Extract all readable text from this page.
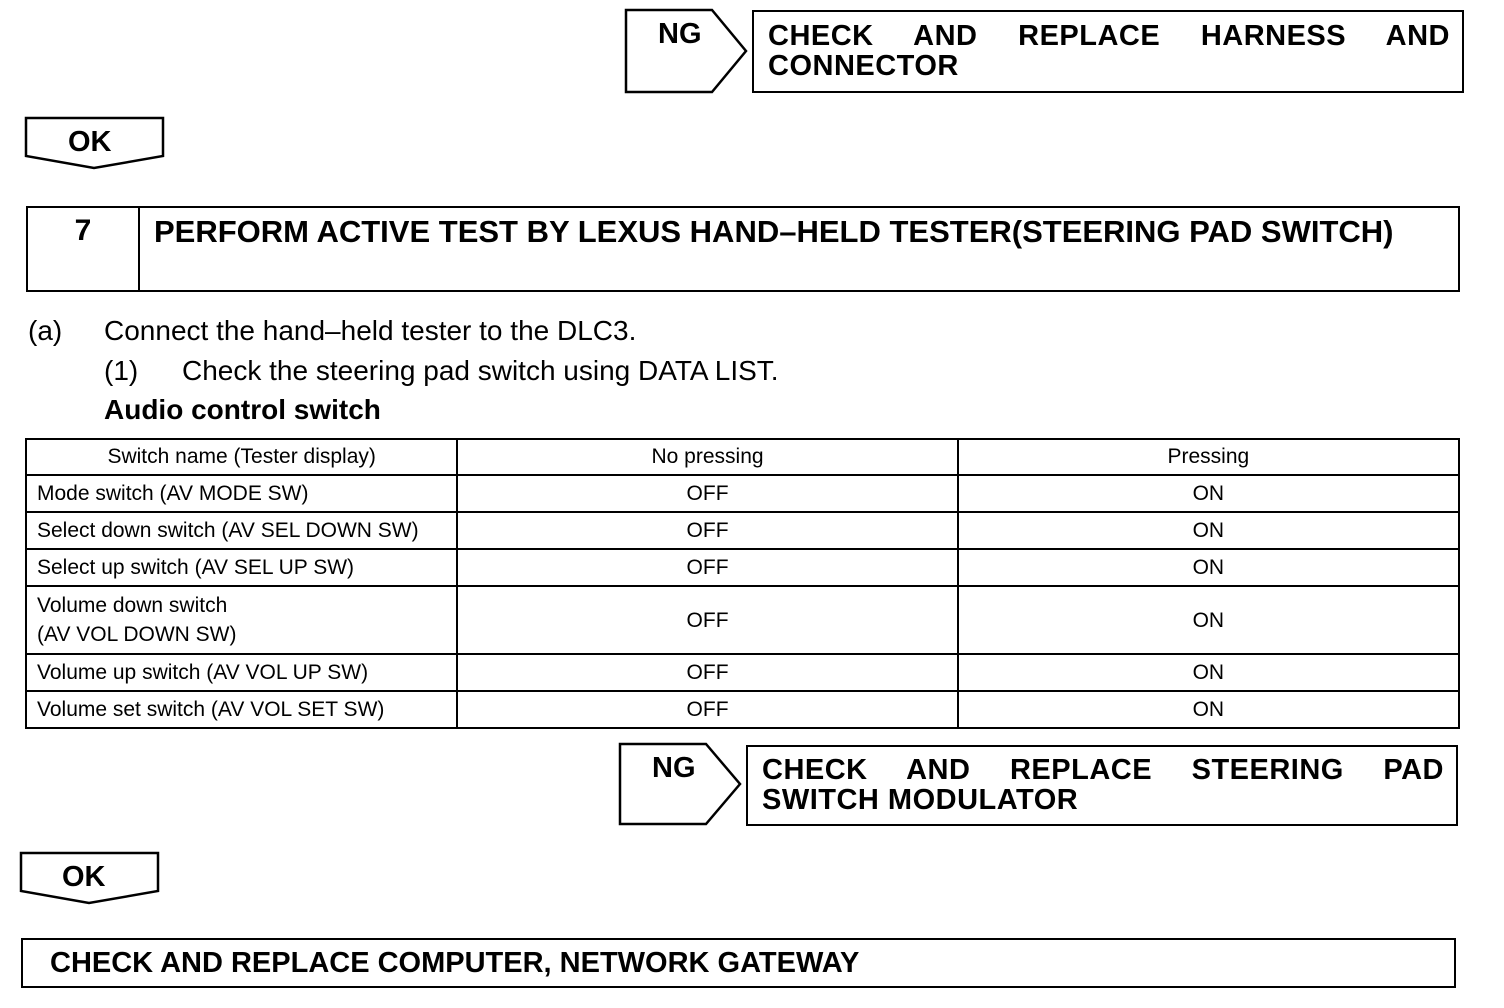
NG CHECK AND REPLACE HARNESS AND CONNECTOR
OK
7	PERFORM ACTIVE TEST BY LEXUS HAND–HELD TESTER(STEERING PAD SWITCH)
(a) Connect the hand–held tester to the DLC3.
(1) Check the steering pad switch using DATA LIST.
Audio control switch
Switch name (Tester display)	No pressing	Pressing
Mode switch (AV MODE SW)	OFF	ON
Select down switch (AV SEL DOWN SW)	OFF	ON
Select up switch (AV SEL UP SW)	OFF	ON

Volume down switch
(AV VOL DOWN SW)	OFF	ON
Volume up switch (AV VOL UP SW)	OFF	ON
Volume set switch (AV VOL SET SW)	OFF	ON
NG CHECK AND REPLACE STEERING PAD SWITCH MODULATOR
OK
CHECK AND REPLACE COMPUTER, NETWORK GATEWAY
